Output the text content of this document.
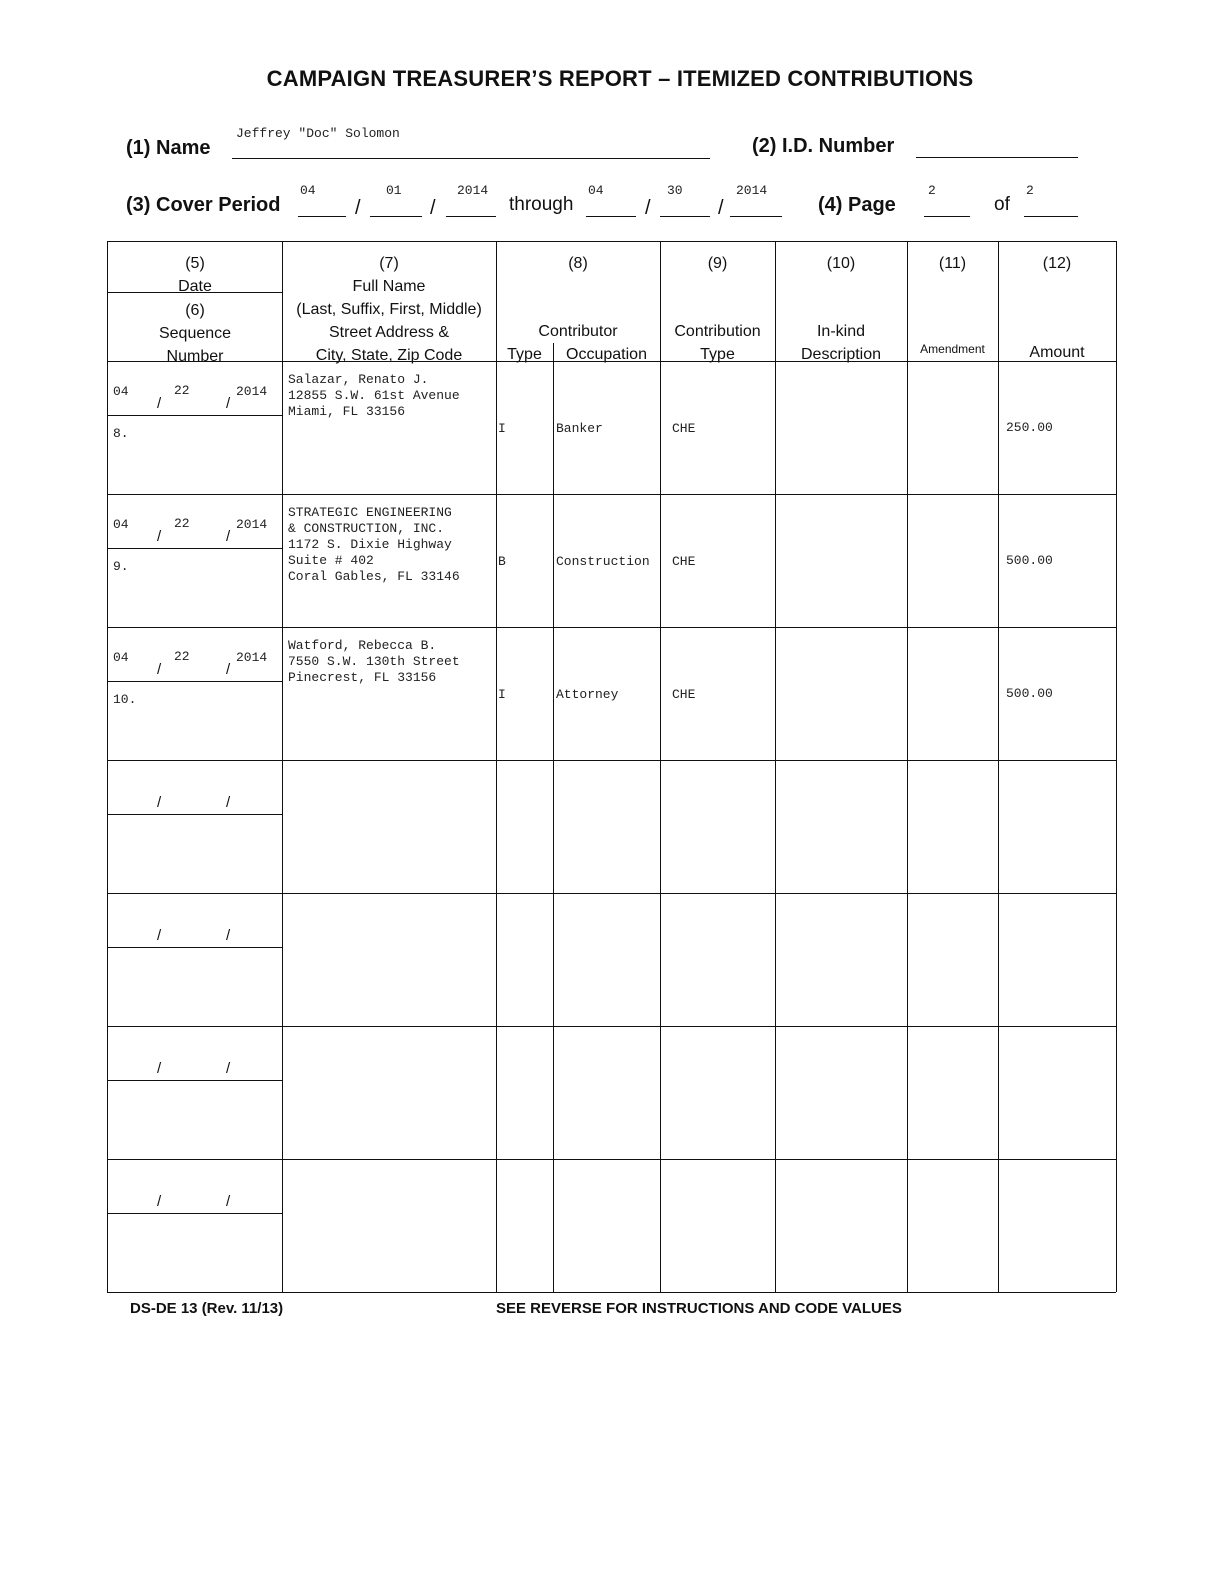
CAMPAIGN TREASURER’S REPORT – ITEMIZED CONTRIBUTIONS
(1) Name
Jeffrey "Doc" Solomon
(2) I.D. Number
(3) Cover Period
04
/
01
/
2014
through
04
/
30
/
2014
(4) Page
2
of
2
(5)
Date
(6)
Sequence
Number
(7)
Full Name
(Last, Suffix, First, Middle)
Street Address &
City, State, Zip Code
(8)
Contributor
Type	Occupation
(9)
Contribution
Type
(10)
In-kind
Description
(11)
Amendment
(12)
Amount
04	22	2014
/	/
8.
Salazar, Renato J.
12855 S.W. 61st Avenue
Miami, FL 33156
I	Banker	CHE	250.00
04	22	2014
/	/
9.
STRATEGIC ENGINEERING
& CONSTRUCTION, INC.
1172 S. Dixie Highway
Suite # 402
Coral Gables, FL 33146
B	Construction CHE	500.00
04	22	2014
/	/
10.
Watford, Rebecca B.
7550 S.W. 130th Street
Pinecrest, FL 33156
I	Attorney	CHE	500.00
/	/
/	/
/	/
/	/
DS-DE 13 (Rev. 11/13)	SEE REVERSE FOR INSTRUCTIONS AND CODE VALUES
